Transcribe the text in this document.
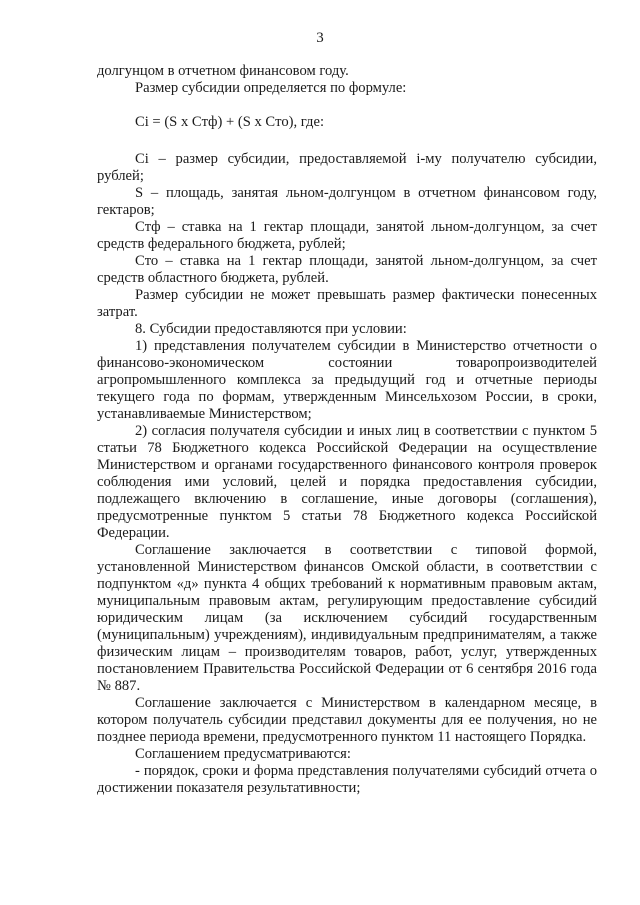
3

долгунцом в отчетном финансовом году.

Размер субсидии определяется по формуле:

Ci = (S x Cтф) + (S x Cто), где:

Ci – размер субсидии, предоставляемой i-му получателю субсидии, рублей;

S – площадь, занятая льном-долгунцом в отчетном финансовом году, гектаров;

Cтф – ставка на 1 гектар площади, занятой льном-долгунцом, за счет средств федерального бюджета, рублей;

Cто – ставка на 1 гектар площади, занятой льном-долгунцом, за счет средств областного бюджета, рублей.

Размер субсидии не может превышать размер фактически понесенных затрат.

8. Субсидии предоставляются при условии:

1) представления получателем субсидии в Министерство отчетности о финансово-экономическом состоянии товаропроизводителей агропромышленного комплекса за предыдущий год и отчетные периоды текущего года по формам, утвержденным Минсельхозом России, в сроки, устанавливаемые Министерством;

2) согласия получателя субсидии и иных лиц в соответствии с пунктом 5 статьи 78 Бюджетного кодекса Российской Федерации на осуществление Министерством и органами государственного финансового контроля проверок соблюдения ими условий, целей и порядка предоставления субсидии, подлежащего включению в соглашение, иные договоры (соглашения), предусмотренные пунктом 5 статьи 78 Бюджетного кодекса Российской Федерации.

Соглашение заключается в соответствии с типовой формой, установленной Министерством финансов Омской области, в соответствии с подпунктом «д» пункта 4 общих требований к нормативным правовым актам, муниципальным правовым актам, регулирующим предоставление субсидий юридическим лицам (за исключением субсидий государственным (муниципальным) учреждениям), индивидуальным предпринимателям, а также физическим лицам – производителям товаров, работ, услуг, утвержденных постановлением Правительства Российской Федерации от 6 сентября 2016 года № 887.

Соглашение заключается с Министерством в календарном месяце, в котором получатель субсидии представил документы для ее получения, но не позднее периода времени, предусмотренного пунктом 11 настоящего Порядка.

Соглашением предусматриваются:

- порядок, сроки и форма представления получателями субсидий отчета о достижении показателя результативности;
